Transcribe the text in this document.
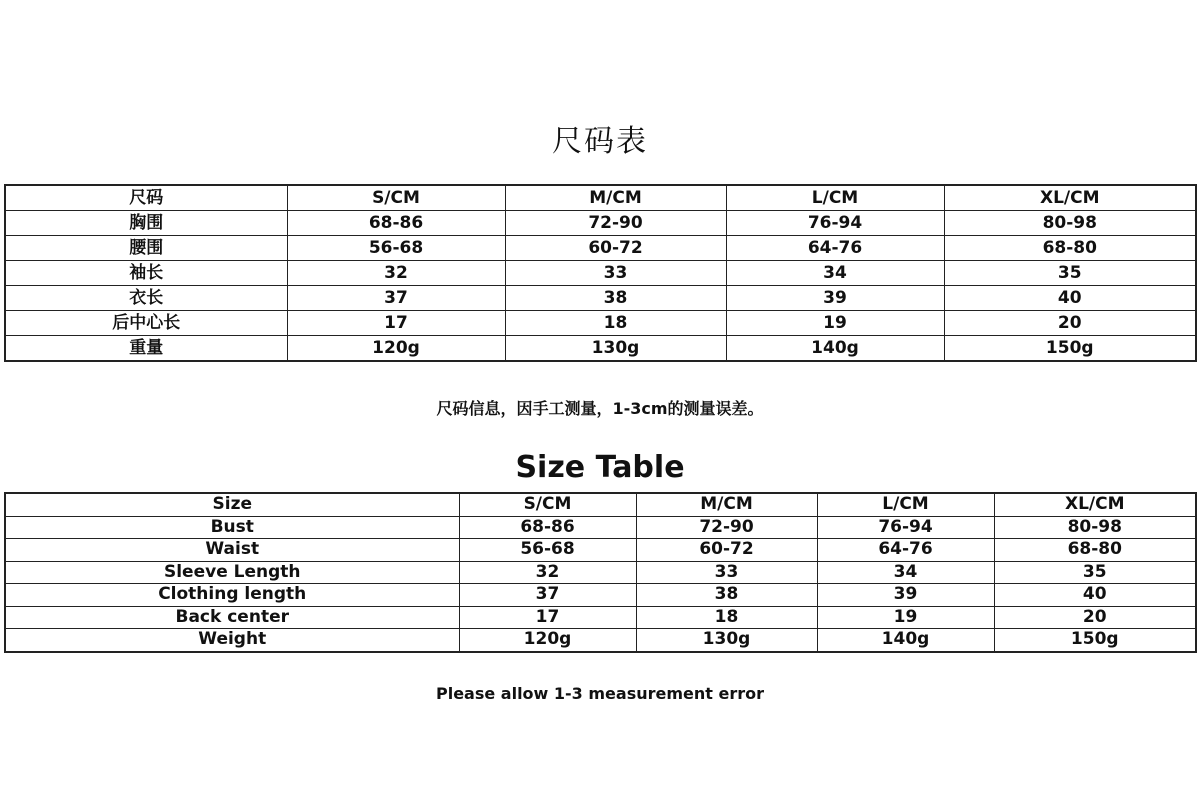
尺码表
尺码	S/CM	M/CM	L/CM	XL/CM
胸围	68-86	72-90	76-94	80-98
腰围	56-68	60-72	64-76	68-80
袖长	32	33	34	35
衣长	37	38	39	40
后中心长	17	18	19	20
重量	120g	130g	140g	150g
尺码信息，因手工测量，1-3cm的测量误差。
Size Table
Size	S/CM	M/CM	L/CM	XL/CM
Bust	68-86	72-90	76-94	80-98
Waist	56-68	60-72	64-76	68-80
Sleeve Length	32	33	34	35
Clothing length	37	38	39	40
Back center	17	18	19	20
Weight	120g	130g	140g	150g
Please allow 1-3 measurement error
